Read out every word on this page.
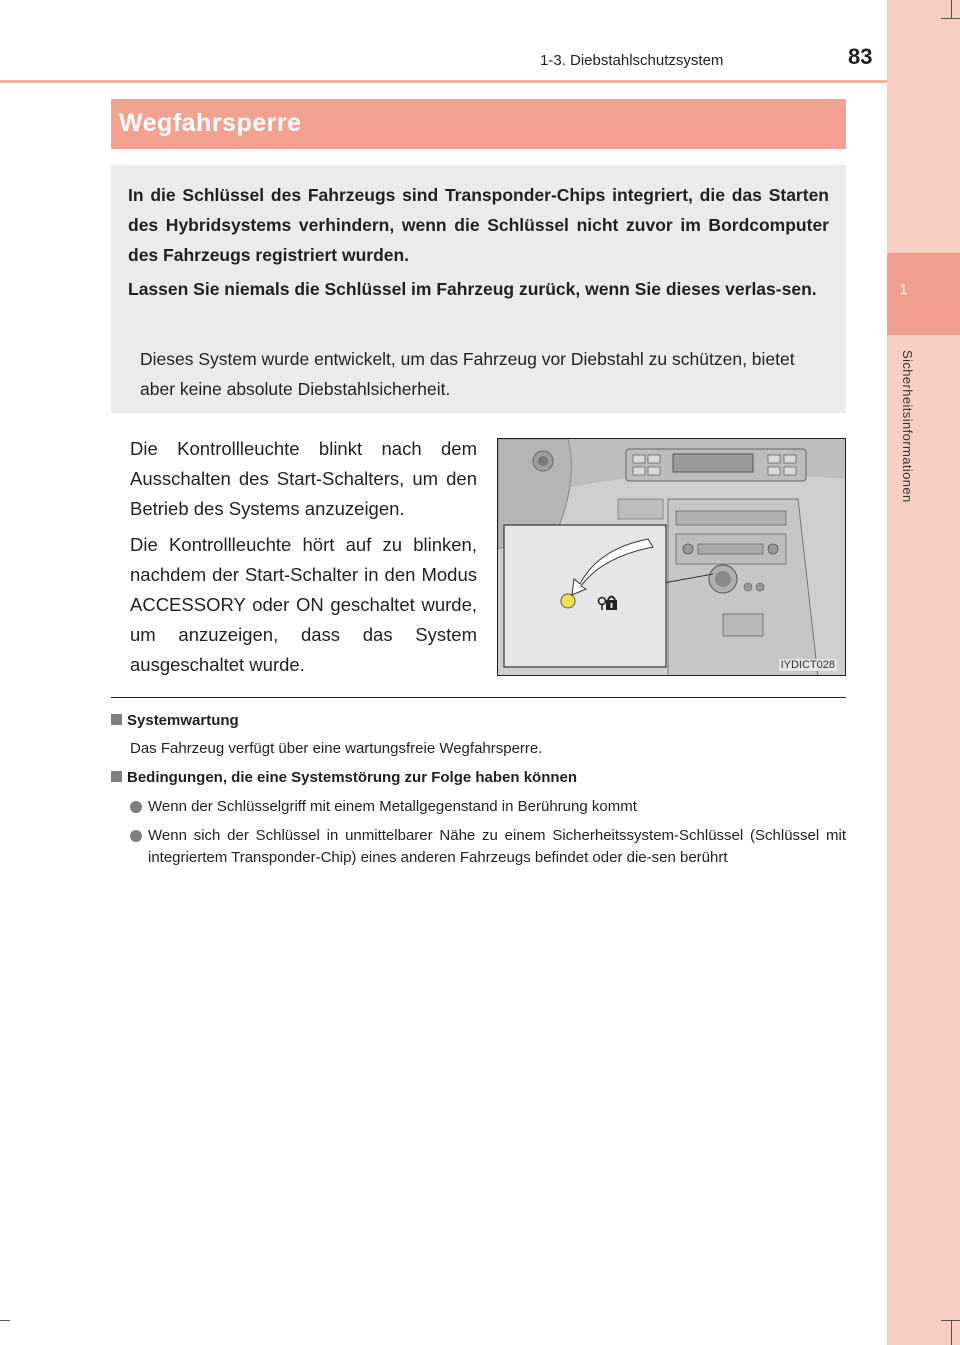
1
Sicherheitsinformationen
1-3. Diebstahlschutzsystem	83
Wegfahrsperre
In die Schlüssel des Fahrzeugs sind Transponder-Chips integriert, die das Starten des Hybridsystems verhindern, wenn die Schlüssel nicht zuvor im Bordcomputer des Fahrzeugs registriert wurden.
Lassen Sie niemals die Schlüssel im Fahrzeug zurück, wenn Sie dieses verlas-sen.
Dieses System wurde entwickelt, um das Fahrzeug vor Diebstahl zu schützen, bietet aber keine absolute Diebstahlsicherheit.
Die Kontrollleuchte blinkt nach dem Ausschalten des Start-Schalters, um den Betrieb des Systems anzuzeigen.
Die Kontrollleuchte hört auf zu blinken, nachdem der Start-Schalter in den Modus ACCESSORY oder ON geschaltet wurde, um anzuzeigen, dass das System ausgeschaltet wurde.	IYDICT028
Systemwartung
Das Fahrzeug verfügt über eine wartungsfreie Wegfahrsperre.
Bedingungen, die eine Systemstörung zur Folge haben können
Wenn der Schlüsselgriff mit einem Metallgegenstand in Berührung kommt
Wenn sich der Schlüssel in unmittelbarer Nähe zu einem Sicherheitssystem-Schlüssel (Schlüssel mit integriertem Transponder-Chip) eines anderen Fahrzeugs befindet oder die-sen berührt
